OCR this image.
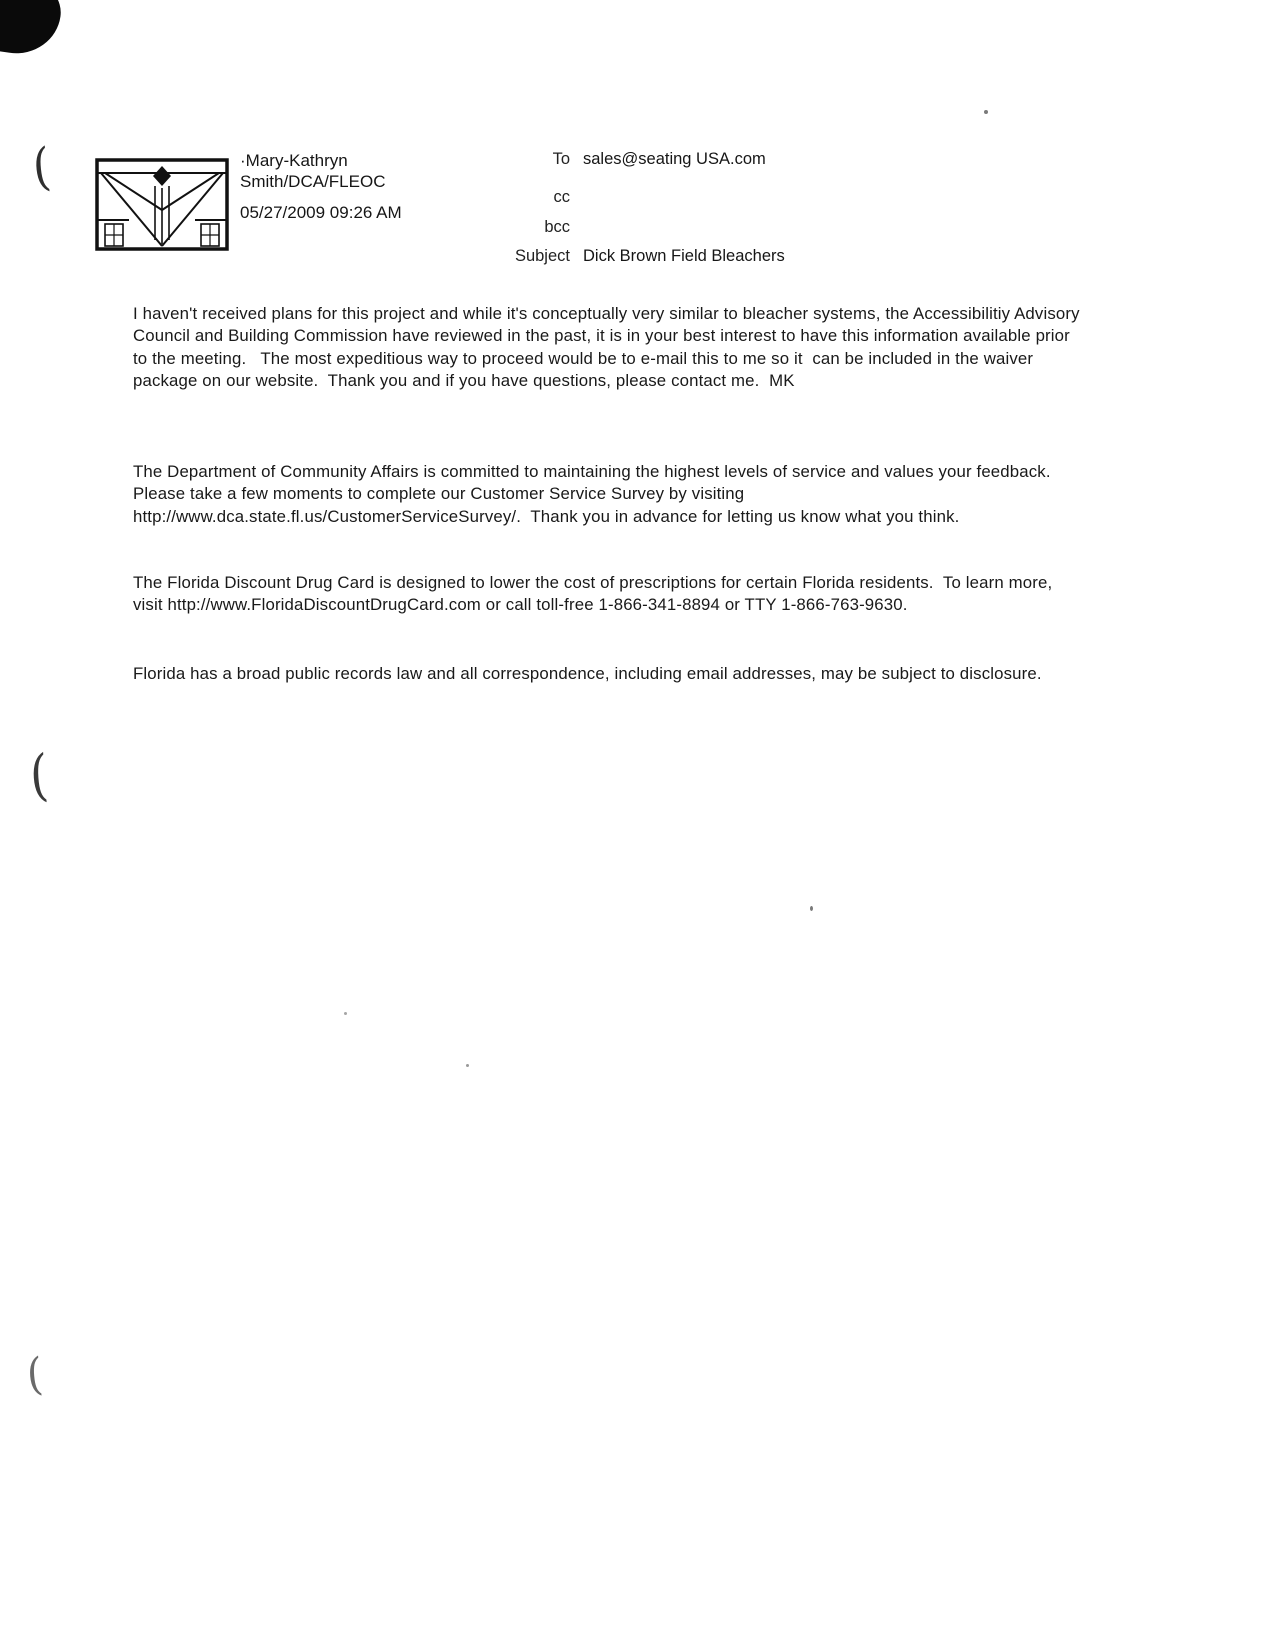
(
(
(
·Mary-Kathryn
Smith/DCA/FLEOC
05/27/2009 09:26 AM
To sales@seating USA.com
cc
bcc
Subject Dick Brown Field Bleachers

I haven't received plans for this project and while it's conceptually very similar to bleacher systems, the Accessibilitiy Advisory Council and Building Commission have reviewed in the past, it is in your best interest to have this information available prior to the meeting.   The most expeditious way to proceed would be to e-mail this to me so it  can be included in the waiver package on our website.  Thank you and if you have questions, please contact me.  MK

The Department of Community Affairs is committed to maintaining the highest levels of service and values your feedback.  Please take a few moments to complete our Customer Service Survey by visiting http://www.dca.state.fl.us/CustomerServiceSurvey/.  Thank you in advance for letting us know what you think.

The Florida Discount Drug Card is designed to lower the cost of prescriptions for certain Florida residents.  To learn more, visit http://www.FloridaDiscountDrugCard.com or call toll-free 1-866-341-8894 or TTY 1-866-763-9630.

Florida has a broad public records law and all correspondence, including email addresses, may be subject to disclosure.
